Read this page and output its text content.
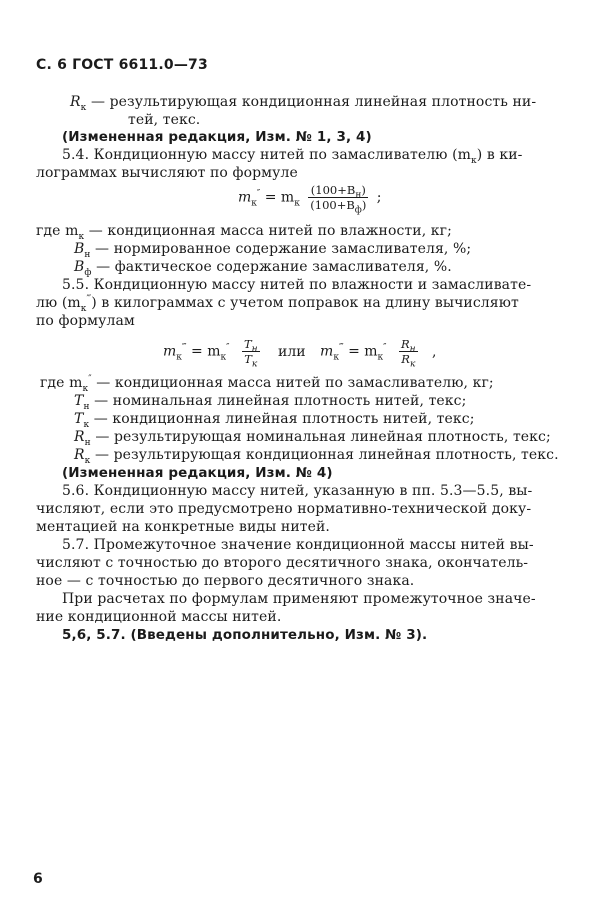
С. 6 ГОСТ 6611.0—73
$R_к$ — результирующая кондиционная линейная плотность ни-
тей, текс.
(Измененная редакция, Изм. № 1, 3, 4)
5.4. Кондиционную массу нитей по замасливателю $(m_к)$ в ки-
лограммах вычисляют по формуле
$m_к'' = m_к \frac{(100+B_н)}{(100+B_ф)}$ ;
где $m_к$ — кондиционная масса нитей по влажности, кг;
$B_н$ — нормированное содержание замасливателя, %;
$B_ф$ — фактическое содержание замасливателя, %.
5.5. Кондиционную массу нитей по влажности и замасливате-
лю $(m_к^‴)$ в килограммах с учетом поправок на длину вычисляют
по формулам
$m_к^‴ = m_к'' \frac{T_н}{T_к}$ или $m_к^‴ = m_к'' \frac{R_н}{R_к}$ ,
где $m_к''$ — кондиционная масса нитей по замасливателю, кг;
$T_н$ — номинальная линейная плотность нитей, текс;
$T_к$ — кондиционная линейная плотность нитей, текс;
$R_н$ — результирующая номинальная линейная плотность, текс;
$R_к$ — результирующая кондиционная линейная плотность, текс.
(Измененная редакция, Изм. № 4)
5.6. Кондиционную массу нитей, указанную в пп. 5.3—5.5, вы-
числяют, если это предусмотрено нормативно-технической доку-
ментацией на конкретные виды нитей.
5.7. Промежуточное значение кондиционной массы нитей вы-
числяют с точностью до второго десятичного знака, окончатель-
ное — с точностью до первого десятичного знака.
При расчетах по формулам применяют промежуточное значе-
ние кондиционной массы нитей.
5,6, 5.7. (Введены дополнительно, Изм. № 3).
6
